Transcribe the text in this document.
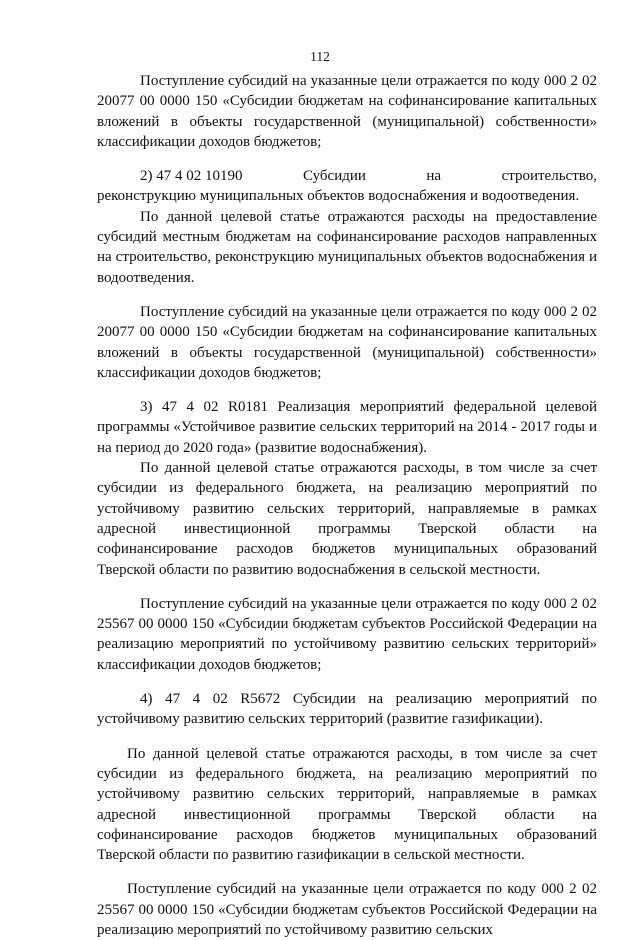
112

Поступление субсидий на указанные цели отражается по коду 000 2 02 20077 00 0000 150 «Субсидии бюджетам на софинансирование капитальных вложений в объекты государственной (муниципальной) собственности» классификации доходов бюджетов;

2) 47 4 02 10190	Субсидии	на	строительство,

реконструкцию муниципальных объектов водоснабжения и водоотведения.

По данной целевой статье отражаются расходы на предоставление субсидий местным бюджетам на софинансирование расходов направленных на строительство, реконструкцию муниципальных объектов водоснабжения и водоотведения.

Поступление субсидий на указанные цели отражается по коду 000 2 02 20077 00 0000 150 «Субсидии бюджетам на софинансирование капитальных вложений в объекты государственной (муниципальной) собственности» классификации доходов бюджетов;

3) 47 4 02 R0181 Реализация мероприятий федеральной целевой программы «Устойчивое развитие сельских территорий на 2014 - 2017 годы и на период до 2020 года» (развитие водоснабжения).

По данной целевой статье отражаются расходы, в том числе за счет субсидии из федерального бюджета, на реализацию мероприятий по устойчивому развитию сельских территорий, направляемые в рамках адресной инвестиционной программы Тверской области на софинансирование расходов бюджетов муниципальных образований Тверской области по развитию водоснабжения в сельской местности.

Поступление субсидий на указанные цели отражается по коду 000 2 02 25567 00 0000 150 «Субсидии бюджетам субъектов Российской Федерации на реализацию мероприятий по устойчивому развитию сельских территорий» классификации доходов бюджетов;

4) 47 4 02 R5672 Субсидии на реализацию мероприятий по устойчивому развитию сельских территорий (развитие газификации).

По данной целевой статье отражаются расходы, в том числе за счет субсидии из федерального бюджета, на реализацию мероприятий по устойчивому развитию сельских территорий, направляемые в рамках адресной инвестиционной программы Тверской области на софинансирование расходов бюджетов муниципальных образований Тверской области по развитию газификации в сельской местности.

Поступление субсидий на указанные цели отражается по коду 000 2 02 25567 00 0000 150 «Субсидии бюджетам субъектов Российской Федерации на реализацию мероприятий по устойчивому развитию сельских
